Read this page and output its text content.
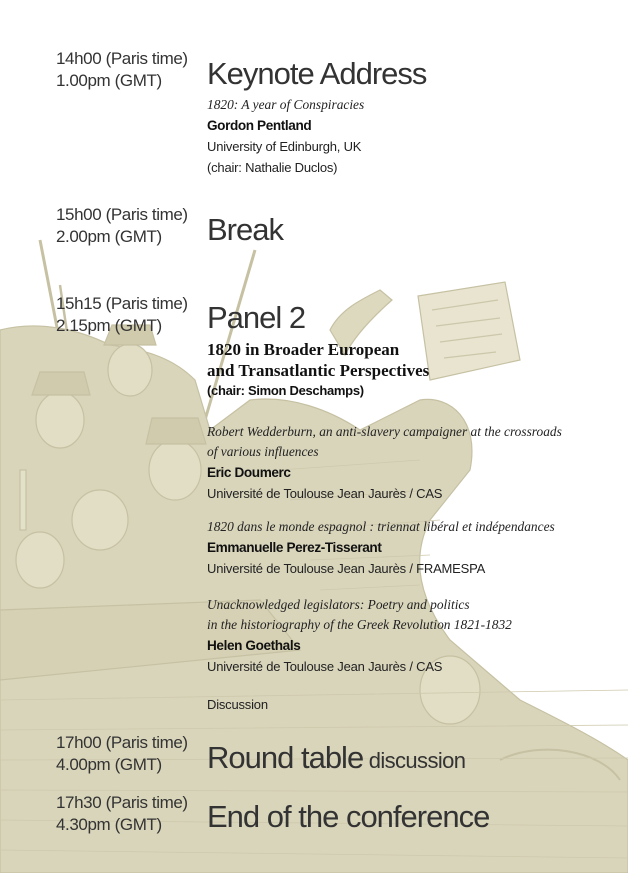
14h00 (Paris time)
1.00pm (GMT) Keynote Address
1820: A year of Conspiracies
Gordon Pentland
University of Edinburgh, UK
(chair: Nathalie Duclos)
15h00 (Paris time)
2.00pm (GMT) Break
15h15 (Paris time)
2.15pm (GMT) Panel 2
1820 in Broader European
and Transatlantic Perspectives
(chair: Simon Deschamps)
Robert Wedderburn, an anti-slavery campaigner at the crossroads
of various influences
Eric Doumerc
Université de Toulouse Jean Jaurès / CAS
1820 dans le monde espagnol : triennat libéral et indépendances
Emmanuelle Perez-Tisserant
Université de Toulouse Jean Jaurès / FRAMESPA
Unacknowledged legislators: Poetry and politics
in the historiography of the Greek Revolution 1821-1832
Helen Goethals
Université de Toulouse Jean Jaurès / CAS
Discussion
17h00 (Paris time)
4.00pm (GMT) Round table discussion
17h30 (Paris time)
4.30pm (GMT) End of the conference
